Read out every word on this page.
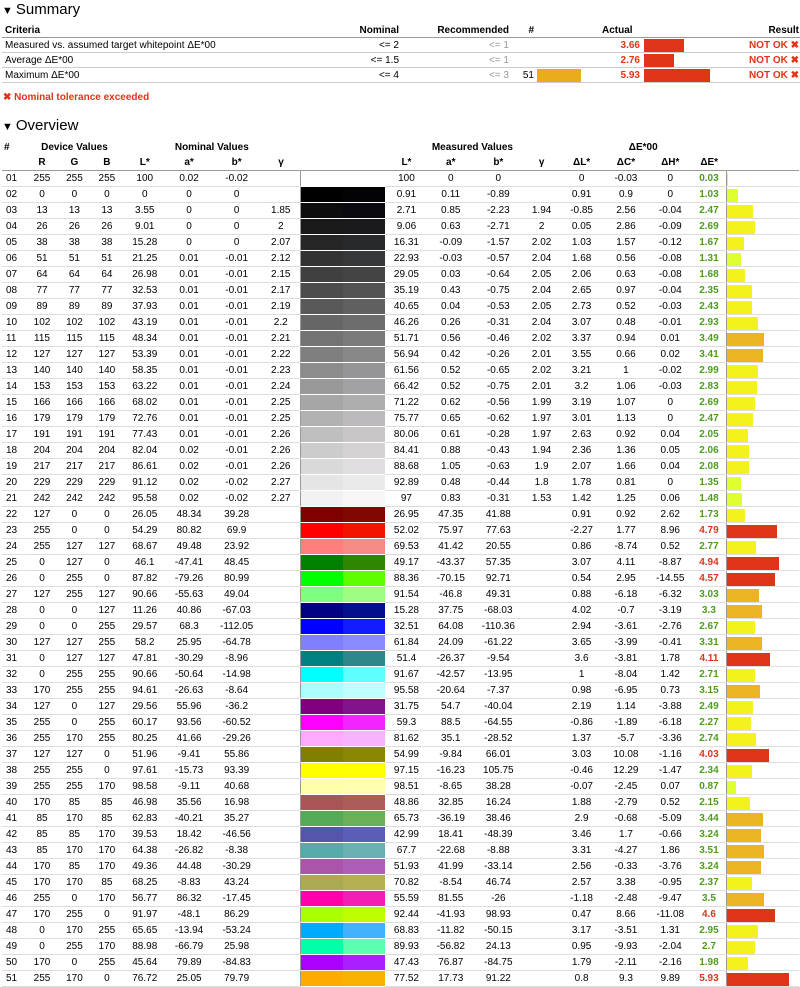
▼ Summary
Criteria	Nominal	Recommended	#		Actual	Result
Measured vs. assumed target whitepoint ΔE*00	<= 2	<= 1			3.66	NOT OK ✖
Average ΔE*00	<= 1.5	<= 1			2.76	NOT OK ✖
Maximum ΔE*00	<= 4	<= 3	51		5.93	NOT OK ✖
✖ Nominal tolerance exceeded
▼ Overview
#	Device Values			Nominal Values					Measured Values				ΔE*00				
	R	G	B	L*	a*	b*	γ		L*	a*	b*	γ	ΔL*	ΔC*	ΔH*	ΔE*	
01	255	255	255	100	0.02	-0.02			100	0	0		0	-0.03	0	0.03	
02	0	0	0	0	0	0			0.91	0.11	-0.89		0.91	0.9	0	1.03	
03	13	13	13	3.55	0	0	1.85		2.71	0.85	-2.23	1.94	-0.85	2.56	-0.04	2.47	
04	26	26	26	9.01	0	0	2		9.06	0.63	-2.71	2	0.05	2.86	-0.09	2.69	
05	38	38	38	15.28	0	0	2.07		16.31	-0.09	-1.57	2.02	1.03	1.57	-0.12	1.67	
06	51	51	51	21.25	0.01	-0.01	2.12		22.93	-0.03	-0.57	2.04	1.68	0.56	-0.08	1.31	
07	64	64	64	26.98	0.01	-0.01	2.15		29.05	0.03	-0.64	2.05	2.06	0.63	-0.08	1.68	
08	77	77	77	32.53	0.01	-0.01	2.17		35.19	0.43	-0.75	2.04	2.65	0.97	-0.04	2.35	
09	89	89	89	37.93	0.01	-0.01	2.19		40.65	0.04	-0.53	2.05	2.73	0.52	-0.03	2.43	
10	102	102	102	43.19	0.01	-0.01	2.2		46.26	0.26	-0.31	2.04	3.07	0.48	-0.01	2.93	
11	115	115	115	48.34	0.01	-0.01	2.21		51.71	0.56	-0.46	2.02	3.37	0.94	0.01	3.49	
12	127	127	127	53.39	0.01	-0.01	2.22		56.94	0.42	-0.26	2.01	3.55	0.66	0.02	3.41	
13	140	140	140	58.35	0.01	-0.01	2.23		61.56	0.52	-0.65	2.02	3.21	1	-0.02	2.99	
14	153	153	153	63.22	0.01	-0.01	2.24		66.42	0.52	-0.75	2.01	3.2	1.06	-0.03	2.83	
15	166	166	166	68.02	0.01	-0.01	2.25		71.22	0.62	-0.56	1.99	3.19	1.07	0	2.69	
16	179	179	179	72.76	0.01	-0.01	2.25		75.77	0.65	-0.62	1.97	3.01	1.13	0	2.47	
17	191	191	191	77.43	0.01	-0.01	2.26		80.06	0.61	-0.28	1.97	2.63	0.92	0.04	2.05	
18	204	204	204	82.04	0.02	-0.01	2.26		84.41	0.88	-0.43	1.94	2.36	1.36	0.05	2.06	
19	217	217	217	86.61	0.02	-0.01	2.26		88.68	1.05	-0.63	1.9	2.07	1.66	0.04	2.08	
20	229	229	229	91.12	0.02	-0.02	2.27		92.89	0.48	-0.44	1.8	1.78	0.81	0	1.35	
21	242	242	242	95.58	0.02	-0.02	2.27		97	0.83	-0.31	1.53	1.42	1.25	0.06	1.48	
22	127	0	0	26.05	48.34	39.28			26.95	47.35	41.88		0.91	0.92	2.62	1.73	
23	255	0	0	54.29	80.82	69.9			52.02	75.97	77.63		-2.27	1.77	8.96	4.79	
24	255	127	127	68.67	49.48	23.92			69.53	41.42	20.55		0.86	-8.74	0.52	2.77	
25	0	127	0	46.1	-47.41	48.45			49.17	-43.37	57.35		3.07	4.11	-8.87	4.94	
26	0	255	0	87.82	-79.26	80.99			88.36	-70.15	92.71		0.54	2.95	-14.55	4.57	
27	127	255	127	90.66	-55.63	49.04			91.54	-46.8	49.31		0.88	-6.18	-6.32	3.03	
28	0	0	127	11.26	40.86	-67.03			15.28	37.75	-68.03		4.02	-0.7	-3.19	3.3	
29	0	0	255	29.57	68.3	-112.05			32.51	64.08	-110.36		2.94	-3.61	-2.76	2.67	
30	127	127	255	58.2	25.95	-64.78			61.84	24.09	-61.22		3.65	-3.99	-0.41	3.31	
31	0	127	127	47.81	-30.29	-8.96			51.4	-26.37	-9.54		3.6	-3.81	1.78	4.11	
32	0	255	255	90.66	-50.64	-14.98			91.67	-42.57	-13.95		1	-8.04	1.42	2.71	
33	170	255	255	94.61	-26.63	-8.64			95.58	-20.64	-7.37		0.98	-6.95	0.73	3.15	
34	127	0	127	29.56	55.96	-36.2			31.75	54.7	-40.04		2.19	1.14	-3.88	2.49	
35	255	0	255	60.17	93.56	-60.52			59.3	88.5	-64.55		-0.86	-1.89	-6.18	2.27	
36	255	170	255	80.25	41.66	-29.26			81.62	35.1	-28.52		1.37	-5.7	-3.36	2.74	
37	127	127	0	51.96	-9.41	55.86			54.99	-9.84	66.01		3.03	10.08	-1.16	4.03	
38	255	255	0	97.61	-15.73	93.39			97.15	-16.23	105.75		-0.46	12.29	-1.47	2.34	
39	255	255	170	98.58	-9.11	40.68			98.51	-8.65	38.28		-0.07	-2.45	0.07	0.87	
40	170	85	85	46.98	35.56	16.98			48.86	32.85	16.24		1.88	-2.79	0.52	2.15	
41	85	170	85	62.83	-40.21	35.27			65.73	-36.19	38.46		2.9	-0.68	-5.09	3.44	
42	85	85	170	39.53	18.42	-46.56			42.99	18.41	-48.39		3.46	1.7	-0.66	3.24	
43	85	170	170	64.38	-26.82	-8.38			67.7	-22.68	-8.88		3.31	-4.27	1.86	3.51	
44	170	85	170	49.36	44.48	-30.29			51.93	41.99	-33.14		2.56	-0.33	-3.76	3.24	
45	170	170	85	68.25	-8.83	43.24			70.82	-8.54	46.74		2.57	3.38	-0.95	2.37	
46	255	0	170	56.77	86.32	-17.45			55.59	81.55	-26		-1.18	-2.48	-9.47	3.5	
47	170	255	0	91.97	-48.1	86.29			92.44	-41.93	98.93		0.47	8.66	-11.08	4.6	
48	0	170	255	65.65	-13.94	-53.24			68.83	-11.82	-50.15		3.17	-3.51	1.31	2.95	
49	0	255	170	88.98	-66.79	25.98			89.93	-56.82	24.13		0.95	-9.93	-2.04	2.7	
50	170	0	255	45.64	79.89	-84.83			47.43	76.87	-84.75		1.79	-2.11	-2.16	1.98	
51	255	170	0	76.72	25.05	79.79			77.52	17.73	91.22		0.8	9.3	9.89	5.93	
